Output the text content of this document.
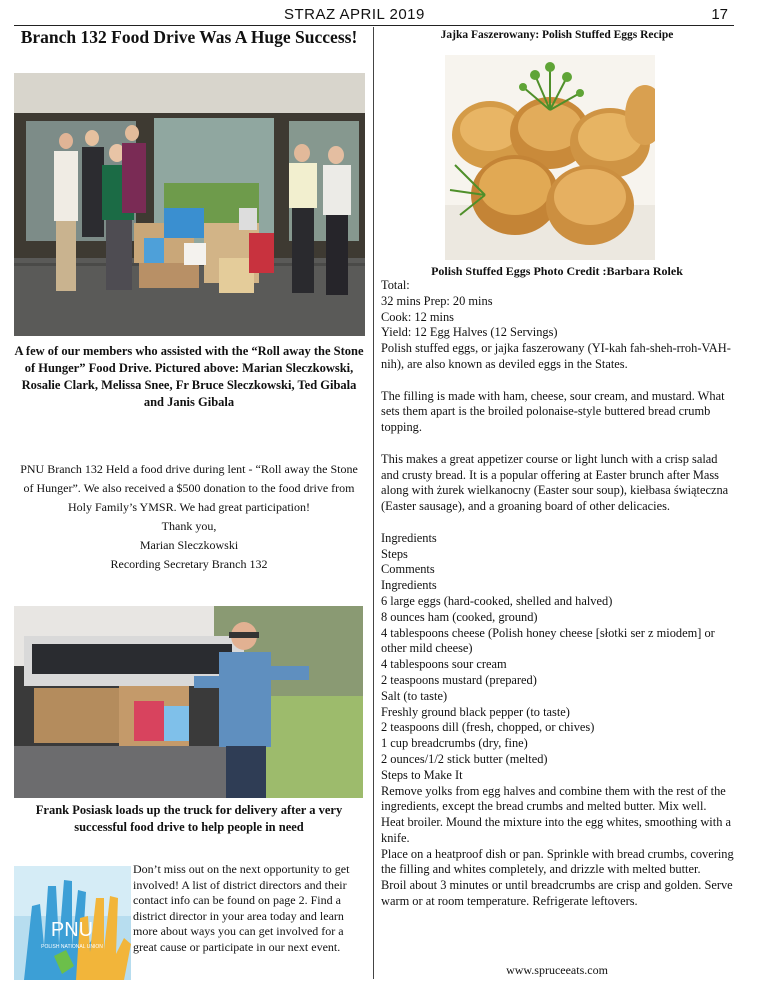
STRAZ APRIL 2019	17
Branch 132 Food Drive Was A Huge Success!
A few of our members who assisted with the “Roll away the Stone of Hunger” Food Drive. Pictured above: Marian Sleczkowski, Rosalie Clark, Melissa Snee, Fr Bruce Sleczkowski, Ted Gibala and Janis Gibala

PNU Branch 132 Held a food drive during lent - “Roll away the Stone of Hunger”. We also received a $500 donation to the food drive from Holy Family’s YMSR. We had great participation!

Thank you,

Marian Sleczkowski

Recording Secretary Branch 132

Frank Posiask loads up the truck for delivery after a very successful food drive to help people in need
PNU
POLISH NATIONAL UNION
Don’t miss out on the next opportunity to get involved! A list of district directors and their contact info can be found on page 2. Find a district director in your area today and learn more about ways you can get involved for a great cause or participate in our next event.
Jajka Faszerowany: Polish Stuffed Eggs Recipe
Polish Stuffed Eggs Photo Credit :Barbara Rolek
Total:
32 mins Prep: 20 mins
Cook: 12 mins
Yield: 12 Egg Halves (12 Servings)
Polish stuffed eggs, or jajka faszerowany (YI-kah fah-sheh-rroh-VAH-nih), are also known as deviled eggs in the States.
The filling is made with ham, cheese, sour cream, and mustard. What sets them apart is the broiled polonaise-style buttered bread crumb topping.
This makes a great appetizer course or light lunch with a crisp salad and crusty bread. It is a popular offering at Easter brunch after Mass along with żurek wielkanocny (Easter sour soup), kiełbasa świąteczna (Easter sausage), and a groaning board of other delicacies.
Ingredients
Steps
Comments
Ingredients
6 large eggs (hard-cooked, shelled and halved)
8 ounces ham (cooked, ground)
4 tablespoons cheese (Polish honey cheese [słotki ser z miodem] or other mild cheese)
4 tablespoons sour cream
2 teaspoons mustard (prepared)
Salt (to taste)
Freshly ground black pepper (to taste)
2 teaspoons dill (fresh, chopped, or chives)
1 cup breadcrumbs (dry, fine)
2 ounces/1/2 stick butter (melted)
Steps to Make It
Remove yolks from egg halves and combine them with the rest of the ingredients, except the bread crumbs and melted butter. Mix well.
Heat broiler. Mound the mixture into the egg whites, smoothing with a knife.
Place on a heatproof dish or pan. Sprinkle with bread crumbs, covering the filling and whites completely, and drizzle with melted butter.
Broil about 3 minutes or until breadcrumbs are crisp and golden. Serve warm or at room temperature. Refrigerate leftovers.
www.spruceeats.com
